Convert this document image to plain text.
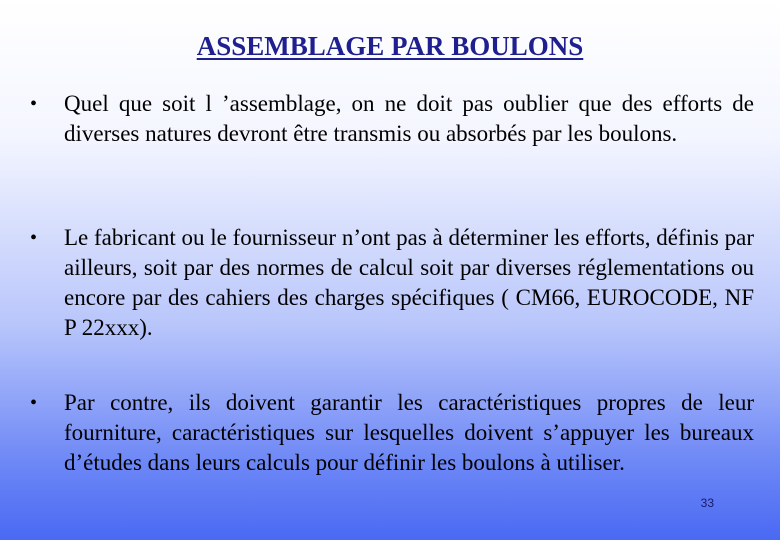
ASSEMBLAGE PAR BOULONS
•	Quel que soit l ’assemblage, on ne doit pas oublier que des efforts de diverses natures devront être transmis ou absorbés par les boulons.
•	Le fabricant ou le fournisseur n’ont pas à déterminer les efforts, définis par ailleurs, soit par des normes de calcul soit par diverses réglementations ou encore par des cahiers des charges spécifiques ( CM66, EUROCODE, NF P 22xxx).
•	Par contre, ils doivent garantir les caractéristiques propres de leur fourniture, caractéristiques sur lesquelles doivent s’appuyer les bureaux d’études dans leurs calculs pour définir les boulons à utiliser.
33
